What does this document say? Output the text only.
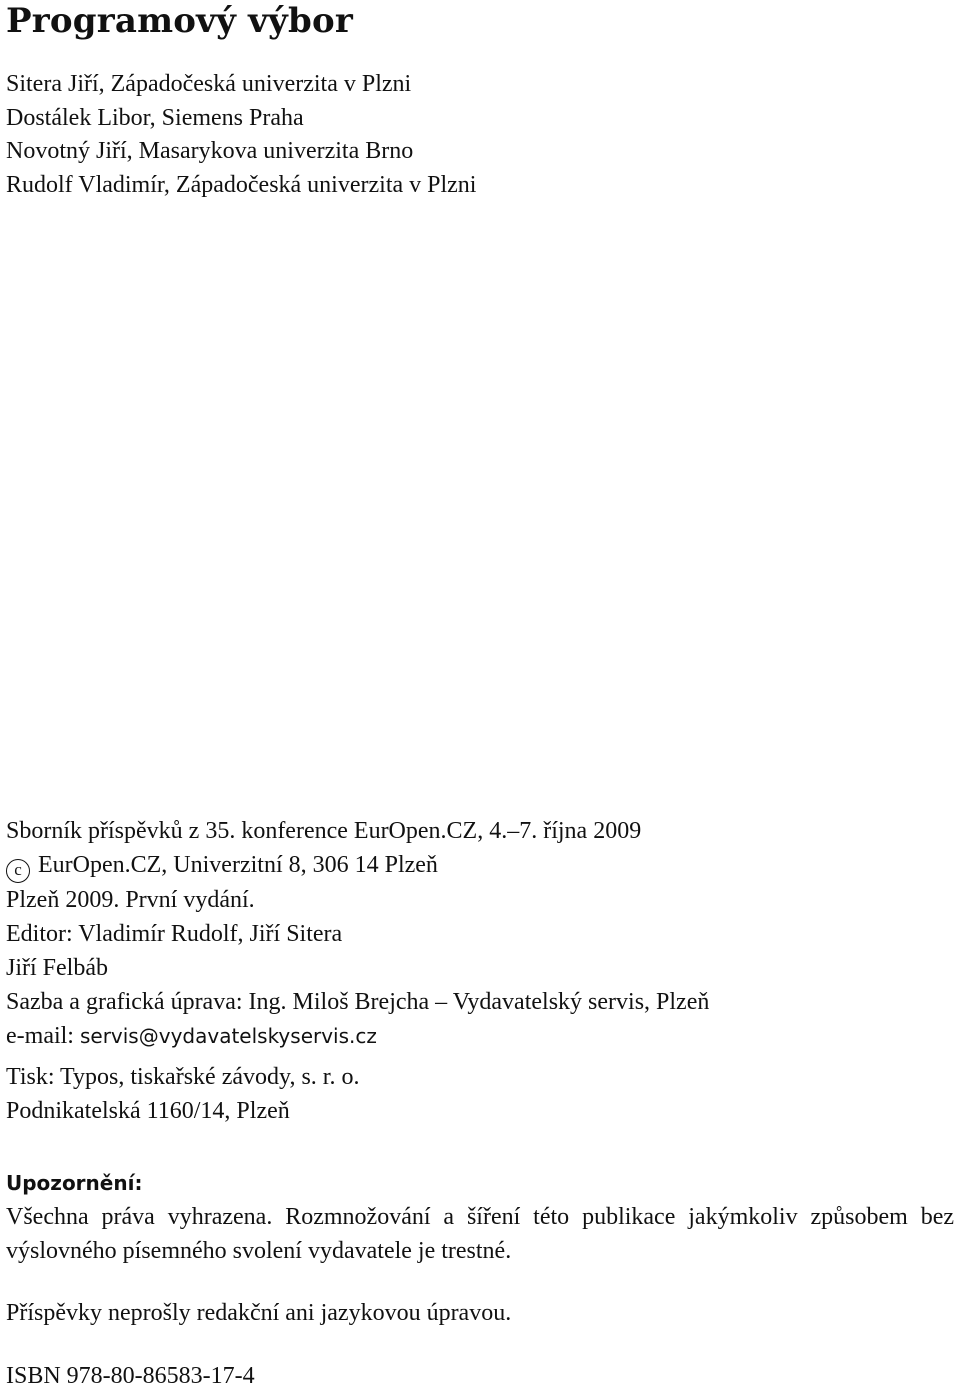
Programový výbor
Sitera Jiří, Západočeská univerzita v Plzni
Dostálek Libor, Siemens Praha
Novotný Jiří, Masarykova univerzita Brno
Rudolf Vladimír, Západočeská univerzita v Plzni
Sborník příspěvků z 35. konference EurOpen.CZ, 4.–7. října 2009
c EurOpen.CZ, Univerzitní 8, 306 14 Plzeň
Plzeň 2009. První vydání.
Editor: Vladimír Rudolf, Jiří Sitera
Jiří Felbáb
Sazba a grafická úprava: Ing. Miloš Brejcha – Vydavatelský servis, Plzeň
e-mail: servis@vydavatelskyservis.cz
Tisk: Typos, tiskařské závody, s. r. o.
Podnikatelská 1160/14, Plzeň
Upozornění:
Všechna práva vyhrazena. Rozmnožování a šíření této publikace jakýmkoliv způsobem bez výslovného písemného svolení vydavatele je trestné.
Příspěvky neprošly redakční ani jazykovou úpravou.
ISBN 978-80-86583-17-4
